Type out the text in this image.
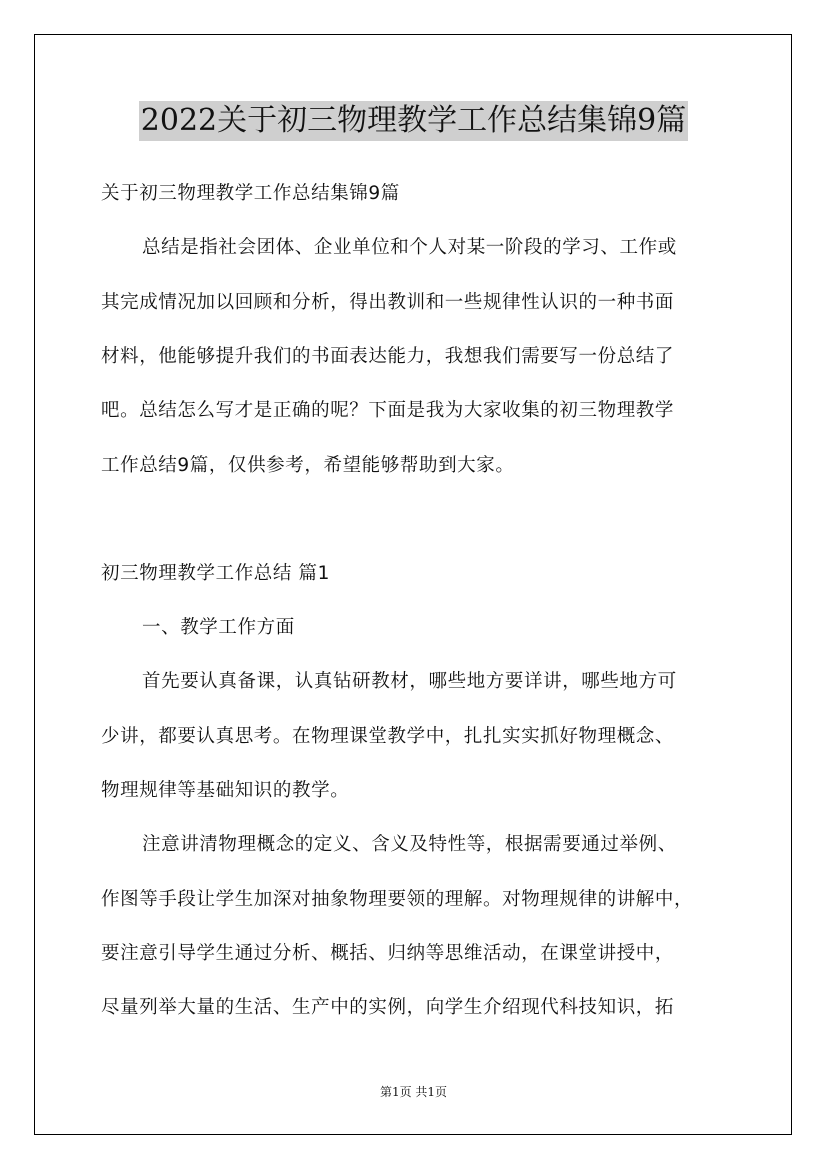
2022关于初三物理教学工作总结集锦9篇
关于初三物理教学工作总结集锦9篇
总结是指社会团体、企业单位和个人对某一阶段的学习、工作或
其完成情况加以回顾和分析，得出教训和一些规律性认识的一种书面
材料，他能够提升我们的书面表达能力，我想我们需要写一份总结了
吧。总结怎么写才是正确的呢？下面是我为大家收集的初三物理教学
工作总结9篇，仅供参考，希望能够帮助到大家。
初三物理教学工作总结 篇1
一、教学工作方面
首先要认真备课，认真钻研教材，哪些地方要详讲，哪些地方可
少讲，都要认真思考。在物理课堂教学中，扎扎实实抓好物理概念、
物理规律等基础知识的教学。
注意讲清物理概念的定义、含义及特性等，根据需要通过举例、
作图等手段让学生加深对抽象物理要领的理解。对物理规律的讲解中，
要注意引导学生通过分析、概括、归纳等思维活动，在课堂讲授中，
尽量列举大量的生活、生产中的实例，向学生介绍现代科技知识，拓
第1页 共1页
